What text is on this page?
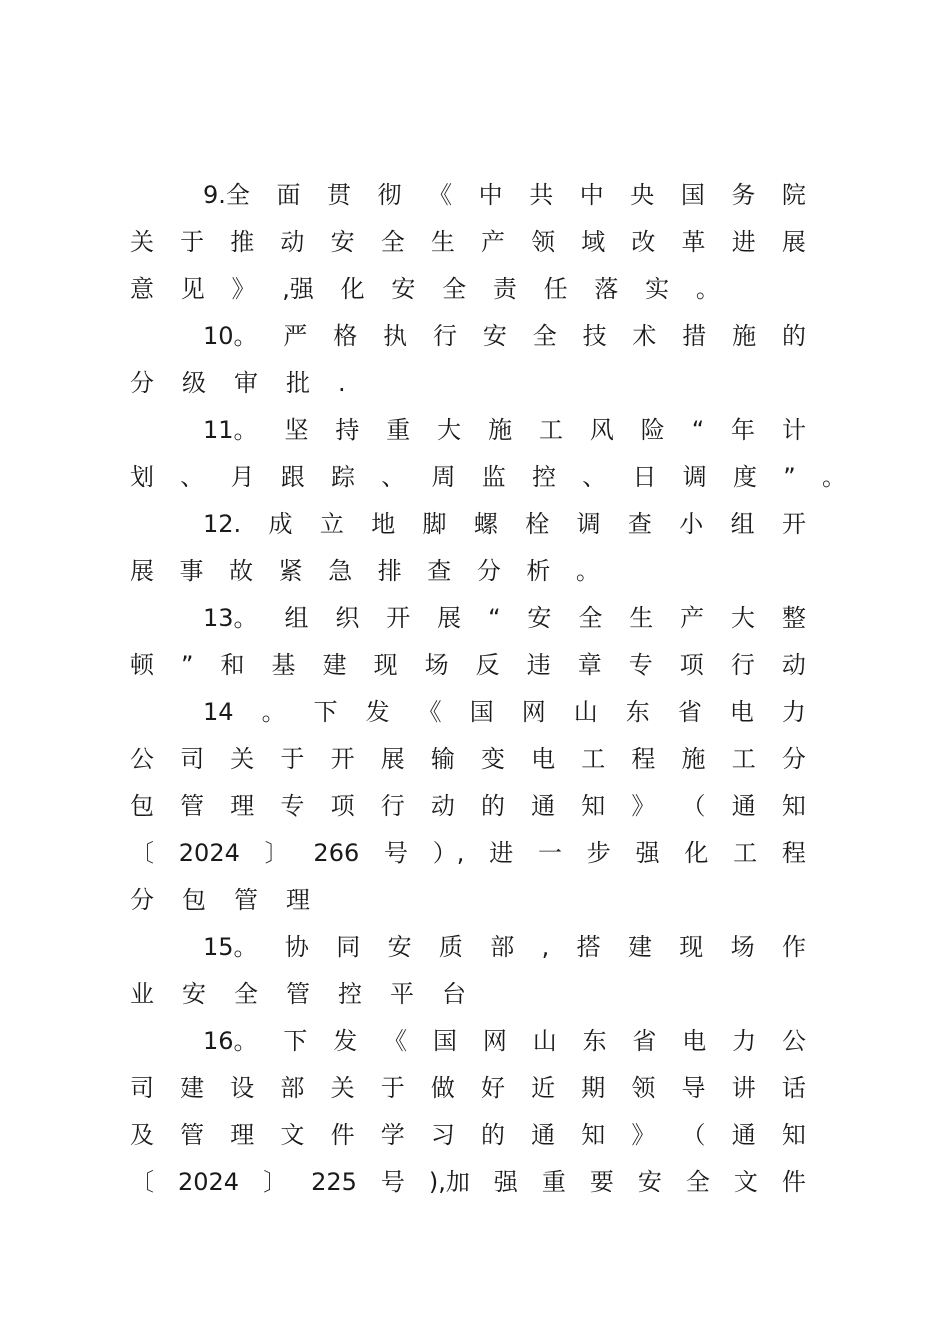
9.全 面 贯 彻 《 中 共 中 央 国 务 院
关 于 推 动 安 全 生 产 领 域 改 革 进 展
意 见 》 ,强 化 安 全 责 任 落 实 。
10。 严 格 执 行 安 全 技 术 措 施 的
分 级 审 批 .
11。 坚 持 重 大 施 工 风 险 “ 年 计
划 、 月 跟 踪 、 周 监 控 、 日 调 度 ” 。
12. 成 立 地 脚 螺 栓 调 查 小 组 开
展 事 故 紧 急 排 查 分 析 。
13。 组 织 开 展 “ 安 全 生 产 大 整
顿 ” 和 基 建 现 场 反 违 章 专 项 行 动
14 。 下 发 《 国 网 山 东 省 电 力
公 司 关 于 开 展 输 变 电 工 程 施 工 分
包 管 理 专 项 行 动 的 通 知 》 （ 通 知
〔 2024 〕 266 号 ）, 进 一 步 强 化 工 程
分 包 管 理
15。 协 同 安 质 部 , 搭 建 现 场 作
业 安 全 管 控 平 台
16。 下 发 《 国 网 山 东 省 电 力 公
司 建 设 部 关 于 做 好 近 期 领 导 讲 话
及 管 理 文 件 学 习 的 通 知 》 （ 通 知
〔 2024 〕 225 号 ),加 强 重 要 安 全 文 件
